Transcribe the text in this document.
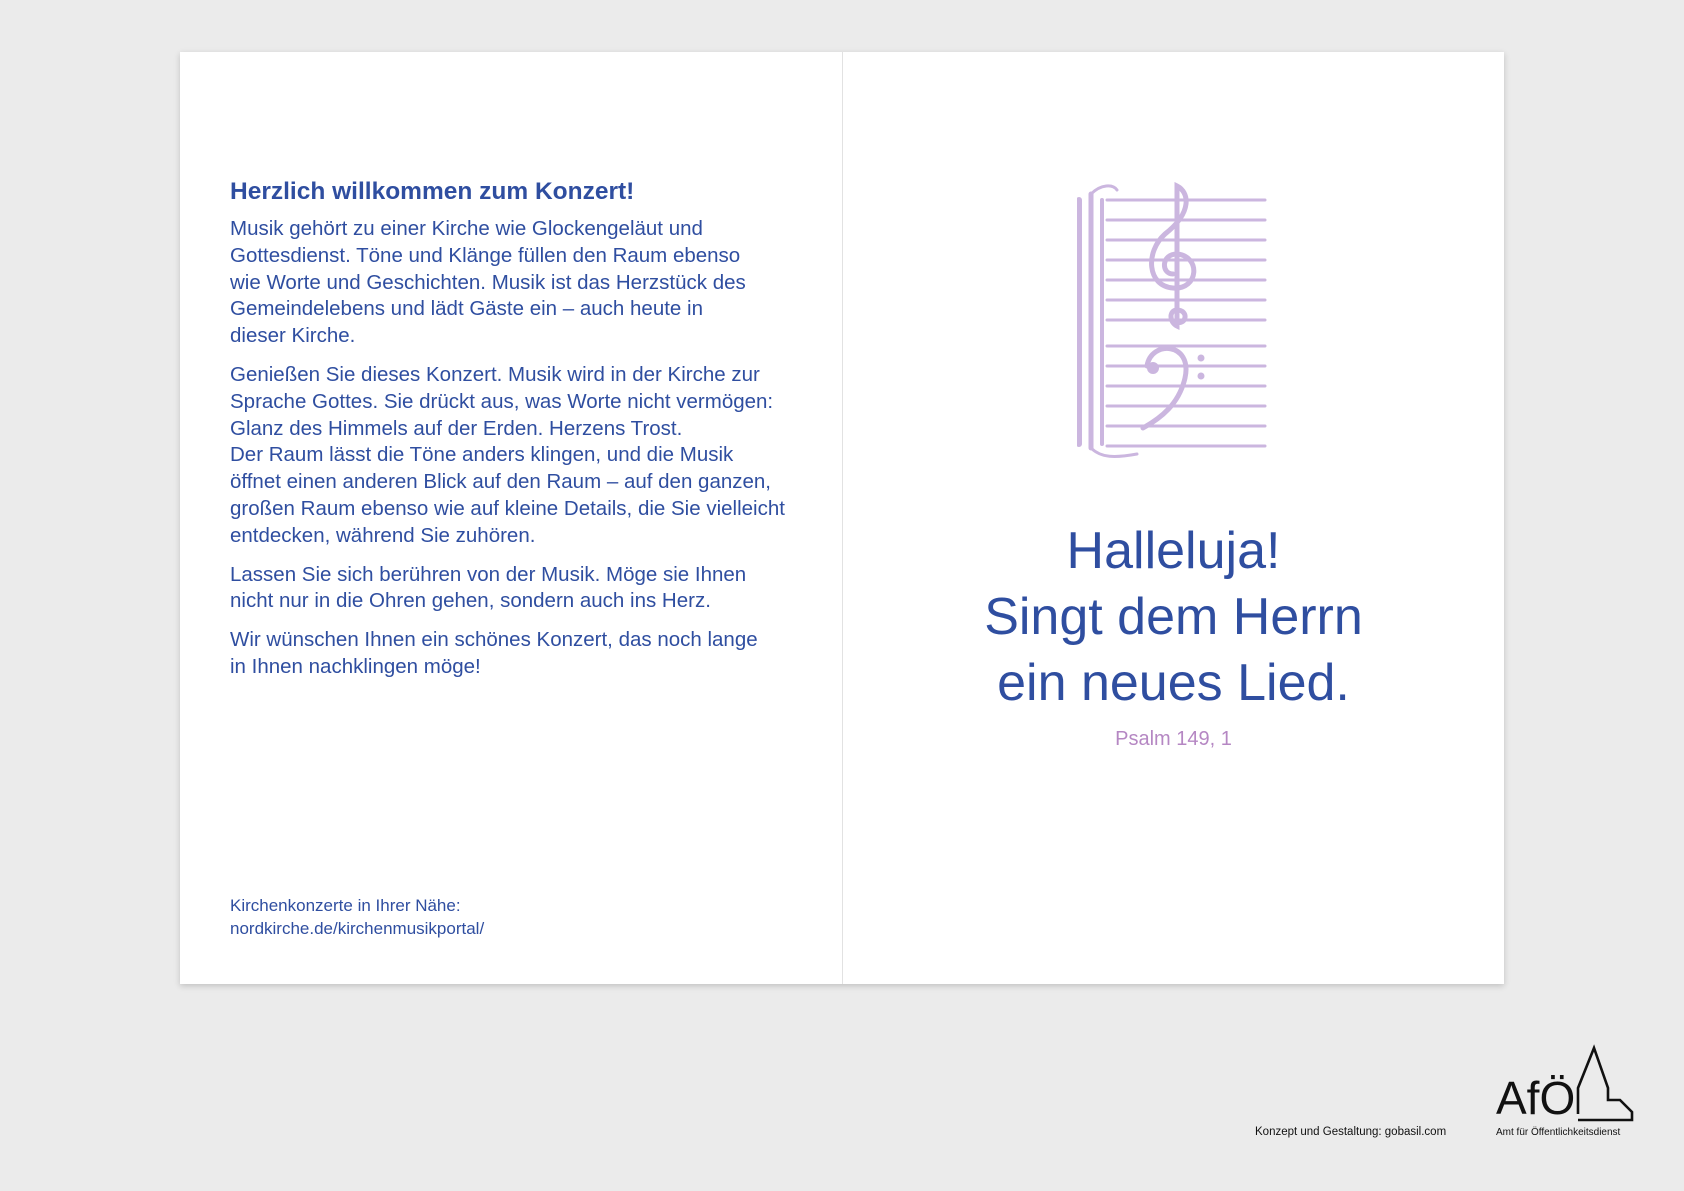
Herzlich willkommen zum Konzert!

Musik gehört zu einer Kirche wie Glockengeläut und
Gottesdienst. Töne und Klänge füllen den Raum ebenso
wie Worte und Geschichten. Musik ist das Herzstück des
Gemeindelebens und lädt Gäste ein – auch heute in
dieser Kirche.

Genießen Sie dieses Konzert. Musik wird in der Kirche zur
Sprache Gottes. Sie drückt aus, was Worte nicht vermögen:
Glanz des Himmels auf der Erden. Herzens Trost.
Der Raum lässt die Töne anders klingen, und die Musik
öffnet einen anderen Blick auf den Raum – auf den ganzen,
großen Raum ebenso wie auf kleine Details, die Sie vielleicht
entdecken, während Sie zuhören.

Lassen Sie sich berühren von der Musik. Möge sie Ihnen
nicht nur in die Ohren gehen, sondern auch ins Herz.

Wir wünschen Ihnen ein schönes Konzert, das noch lange
in Ihnen nachklingen möge!

Kirchenkonzerte in Ihrer Nähe:
nordkirche.de/kirchenmusikportal/
Halleluja!
Singt dem Herrn
ein neues Lied.
Psalm 149, 1
Konzept und Gestaltung: gobasil.com
AfÖ
Amt für Öffentlichkeitsdienst
